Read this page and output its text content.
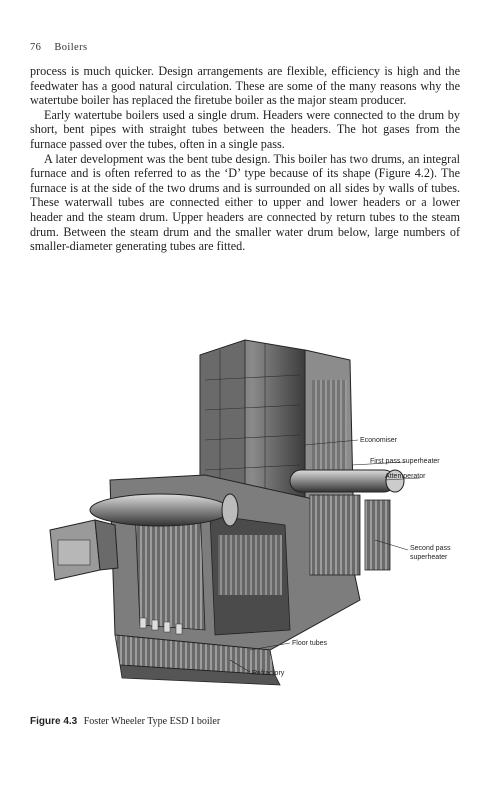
76 Boilers

process is much quicker. Design arrangements are flexible, efficiency is high and the feedwater has a good natural circulation. These are some of the many reasons why the watertube boiler has replaced the firetube boiler as the major steam producer.

Early watertube boilers used a single drum. Headers were connected to the drum by short, bent pipes with straight tubes between the headers. The hot gases from the furnace passed over the tubes, often in a single pass.

A later development was the bent tube design. This boiler has two drums, an integral furnace and is often referred to as the ‘D’ type because of its shape (Figure 4.2). The furnace is at the side of the two drums and is surrounded on all sides by walls of tubes. These waterwall tubes are connected either to upper and lower headers or a lower header and the steam drum. Upper headers are connected by return tubes to the steam drum. Between the steam drum and the smaller water drum below, large numbers of smaller-diameter generating tubes are fitted.

Economiser
First pass superheater
Attemperator
Second pass
superheater
Floor tubes
Refractory
Figure 4.3 Foster Wheeler Type ESD I boiler
